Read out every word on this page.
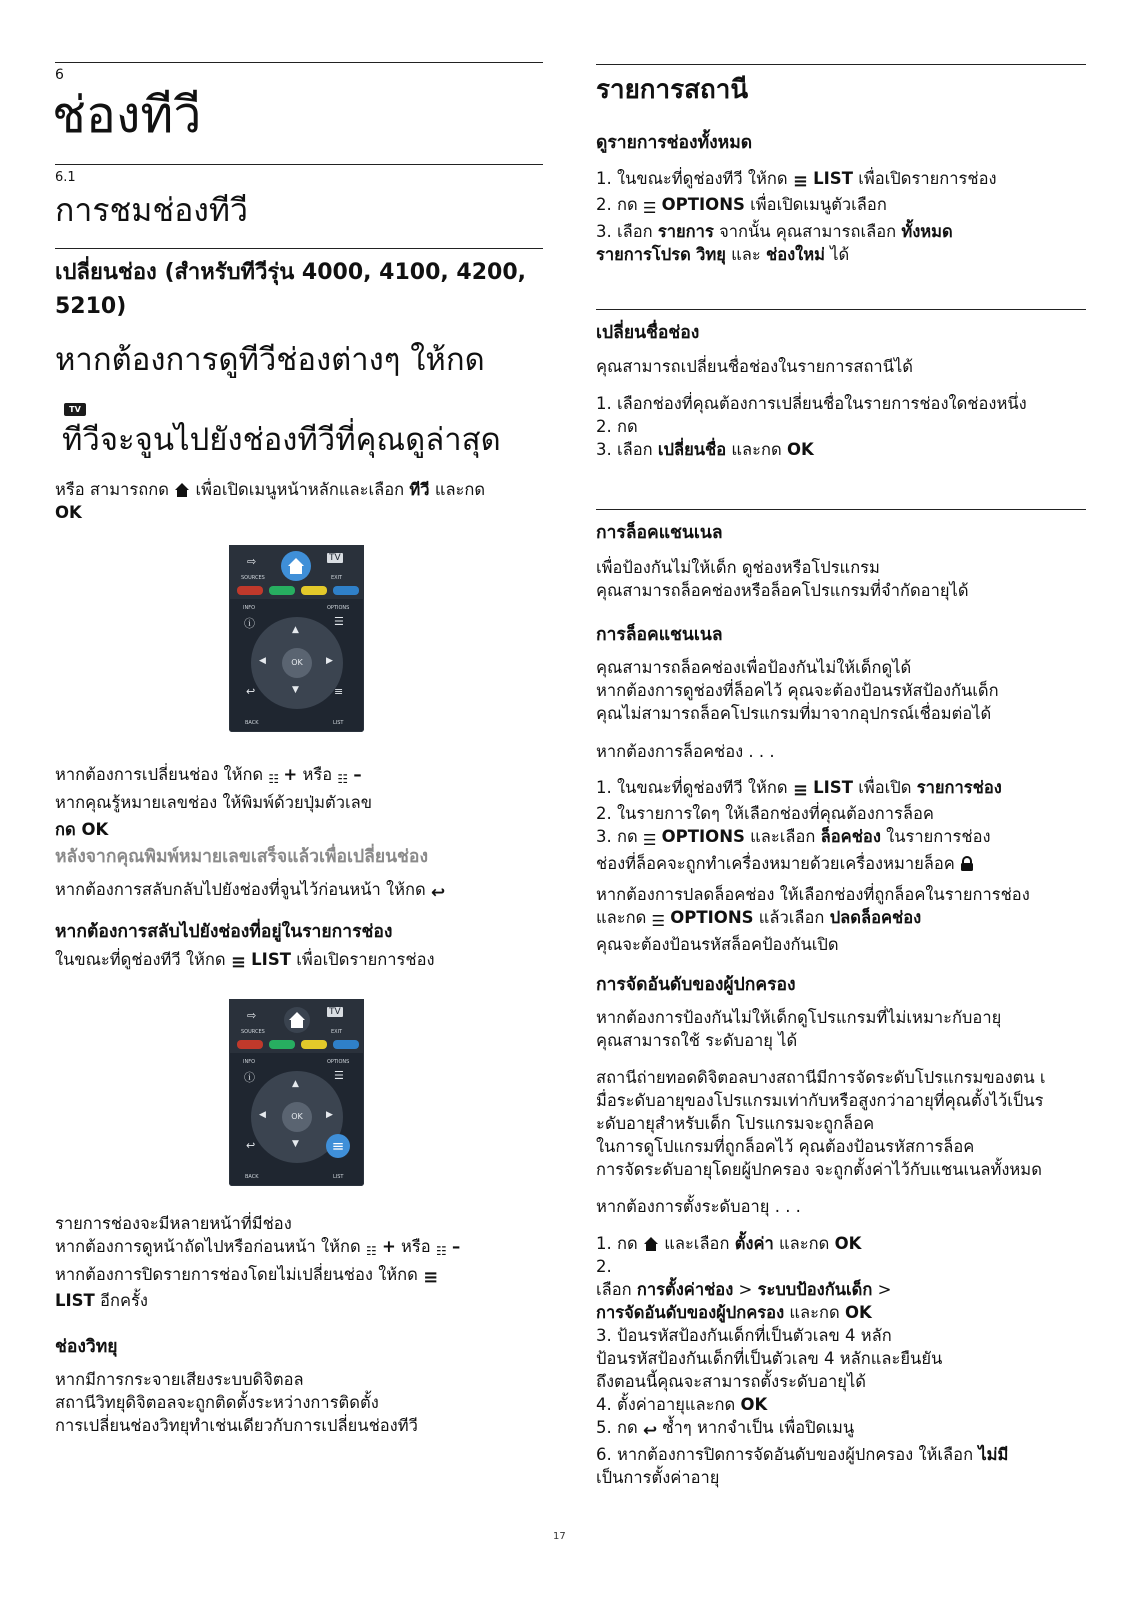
6
ช่องทีวี
6.1
การชมช่องทีวี
เปลี่ยนช่อง (สำหรับทีวีรุ่น 4000, 4100, 4200, 5210)
หากต้องการดูทีวีช่องต่างๆ ให้กด
TV
ทีวีจะจูนไปยังช่องทีวีที่คุณดูล่าสุด
หรือ สามารถกด เพื่อเปิดเมนูหน้าหลักและเลือก ทีวี และกด
OK
⇨
SOURCES
TV
EXIT
INFO	OPTIONS
ⓘ	☰
OK
▲
▼
◀	▶
↩	≡
BACK	LIST
หากต้องการเปลี่ยนช่อง ให้กด ☷ + หรือ ☷ –
หากคุณรู้หมายเลขช่อง ให้พิมพ์ด้วยปุ่มตัวเลข
กด OK
หลังจากคุณพิมพ์หมายเลขเสร็จแล้วเพื่อเปลี่ยนช่อง
หากต้องการสลับกลับไปยังช่องที่จูนไว้ก่อนหน้า ให้กด ↩
หากต้องการสลับไปยังช่องที่อยู่ในรายการช่อง
ในขณะที่ดูช่องทีวี ให้กด ≡ LIST เพื่อเปิดรายการช่อง
⇨
SOURCES
TV
EXIT
INFO	OPTIONS
ⓘ	☰
OK
▲
▼
◀	▶
↩	≡
BACK	LIST
รายการช่องจะมีหลายหน้าที่มีช่อง
หากต้องการดูหน้าถัดไปหรือก่อนหน้า ให้กด ☷ + หรือ ☷ –
หากต้องการปิดรายการช่องโดยไม่เปลี่ยนช่อง ให้กด ≡
LIST อีกครั้ง
ช่องวิทยุ
หากมีการกระจายเสียงระบบดิจิตอล
สถานีวิทยุดิจิตอลจะถูกติดตั้งระหว่างการติดตั้ง
การเปลี่ยนช่องวิทยุทำเช่นเดียวกับการเปลี่ยนช่องทีวี
รายการสถานี
ดูรายการช่องทั้งหมด
1. ในขณะที่ดูช่องทีวี ให้กด ≡ LIST เพื่อเปิดรายการช่อง
2. กด ☰ OPTIONS เพื่อเปิดเมนูตัวเลือก
3. เลือก รายการ จากนั้น คุณสามารถเลือก ทั้งหมด
รายการโปรด วิทยุ และ ช่องใหม่ ได้
เปลี่ยนชื่อช่อง
คุณสามารถเปลี่ยนชื่อช่องในรายการสถานีได้
1. เลือกช่องที่คุณต้องการเปลี่ยนชื่อในรายการช่องใดช่องหนึ่ง
2. กด
3. เลือก เปลี่ยนชื่อ และกด OK
การล็อคแชนเนล
เพื่อป้องกันไม่ให้เด็ก ดูช่องหรือโปรแกรม
คุณสามารถล็อคช่องหรือล็อคโปรแกรมที่จำกัดอายุได้
การล็อคแชนเนล
คุณสามารถล็อคช่องเพื่อป้องกันไม่ให้เด็กดูได้
หากต้องการดูช่องที่ล็อคไว้ คุณจะต้องป้อนรหัสป้องกันเด็ก
คุณไม่สามารถล็อคโปรแกรมที่มาจากอุปกรณ์เชื่อมต่อได้
หากต้องการล็อคช่อง . . .
1. ในขณะที่ดูช่องทีวี ให้กด ≡ LIST เพื่อเปิด รายการช่อง
2. ในรายการใดๆ ให้เลือกช่องที่คุณต้องการล็อค
3. กด ☰ OPTIONS และเลือก ล็อคช่อง ในรายการช่อง
ช่องที่ล็อคจะถูกทำเครื่องหมายด้วยเครื่องหมายล็อค
หากต้องการปลดล็อคช่อง ให้เลือกช่องที่ถูกล็อคในรายการช่อง
และกด ☰ OPTIONS แล้วเลือก ปลดล็อคช่อง
คุณจะต้องป้อนรหัสล็อคป้องกันเปิด
การจัดอันดับของผู้ปกครอง
หากต้องการป้องกันไม่ให้เด็กดูโปรแกรมที่ไม่เหมาะกับอายุ
คุณสามารถใช้ ระดับอายุ ได้
สถานีถ่ายทอดดิจิตอลบางสถานีมีการจัดระดับโปรแกรมของตน เ
มื่อระดับอายุของโปรแกรมเท่ากับหรือสูงกว่าอายุที่คุณตั้งไว้เป็นร
ะดับอายุสำหรับเด็ก โปรแกรมจะถูกล็อค
ในการดูโปแกรมที่ถูกล็อคไว้ คุณต้องป้อนรหัสการล็อค
การจัดระดับอายุโดยผู้ปกครอง จะถูกตั้งค่าไว้กับแชนเนลทั้งหมด
หากต้องการตั้งระดับอายุ . . .
1. กด และเลือก ตั้งค่า และกด OK
2.
เลือก การตั้งค่าช่อง > ระบบป้องกันเด็ก >
การจัดอันดับของผู้ปกครอง และกด OK
3. ป้อนรหัสป้องกันเด็กที่เป็นตัวเลข 4 หลัก
ป้อนรหัสป้องกันเด็กที่เป็นตัวเลข 4 หลักและยืนยัน
ถึงตอนนี้คุณจะสามารถตั้งระดับอายุได้
4. ตั้งค่าอายุและกด OK
5. กด ↩ ซ้ำๆ หากจำเป็น เพื่อปิดเมนู
6. หากต้องการปิดการจัดอันดับของผู้ปกครอง ให้เลือก ไม่มี
เป็นการตั้งค่าอายุ
17
